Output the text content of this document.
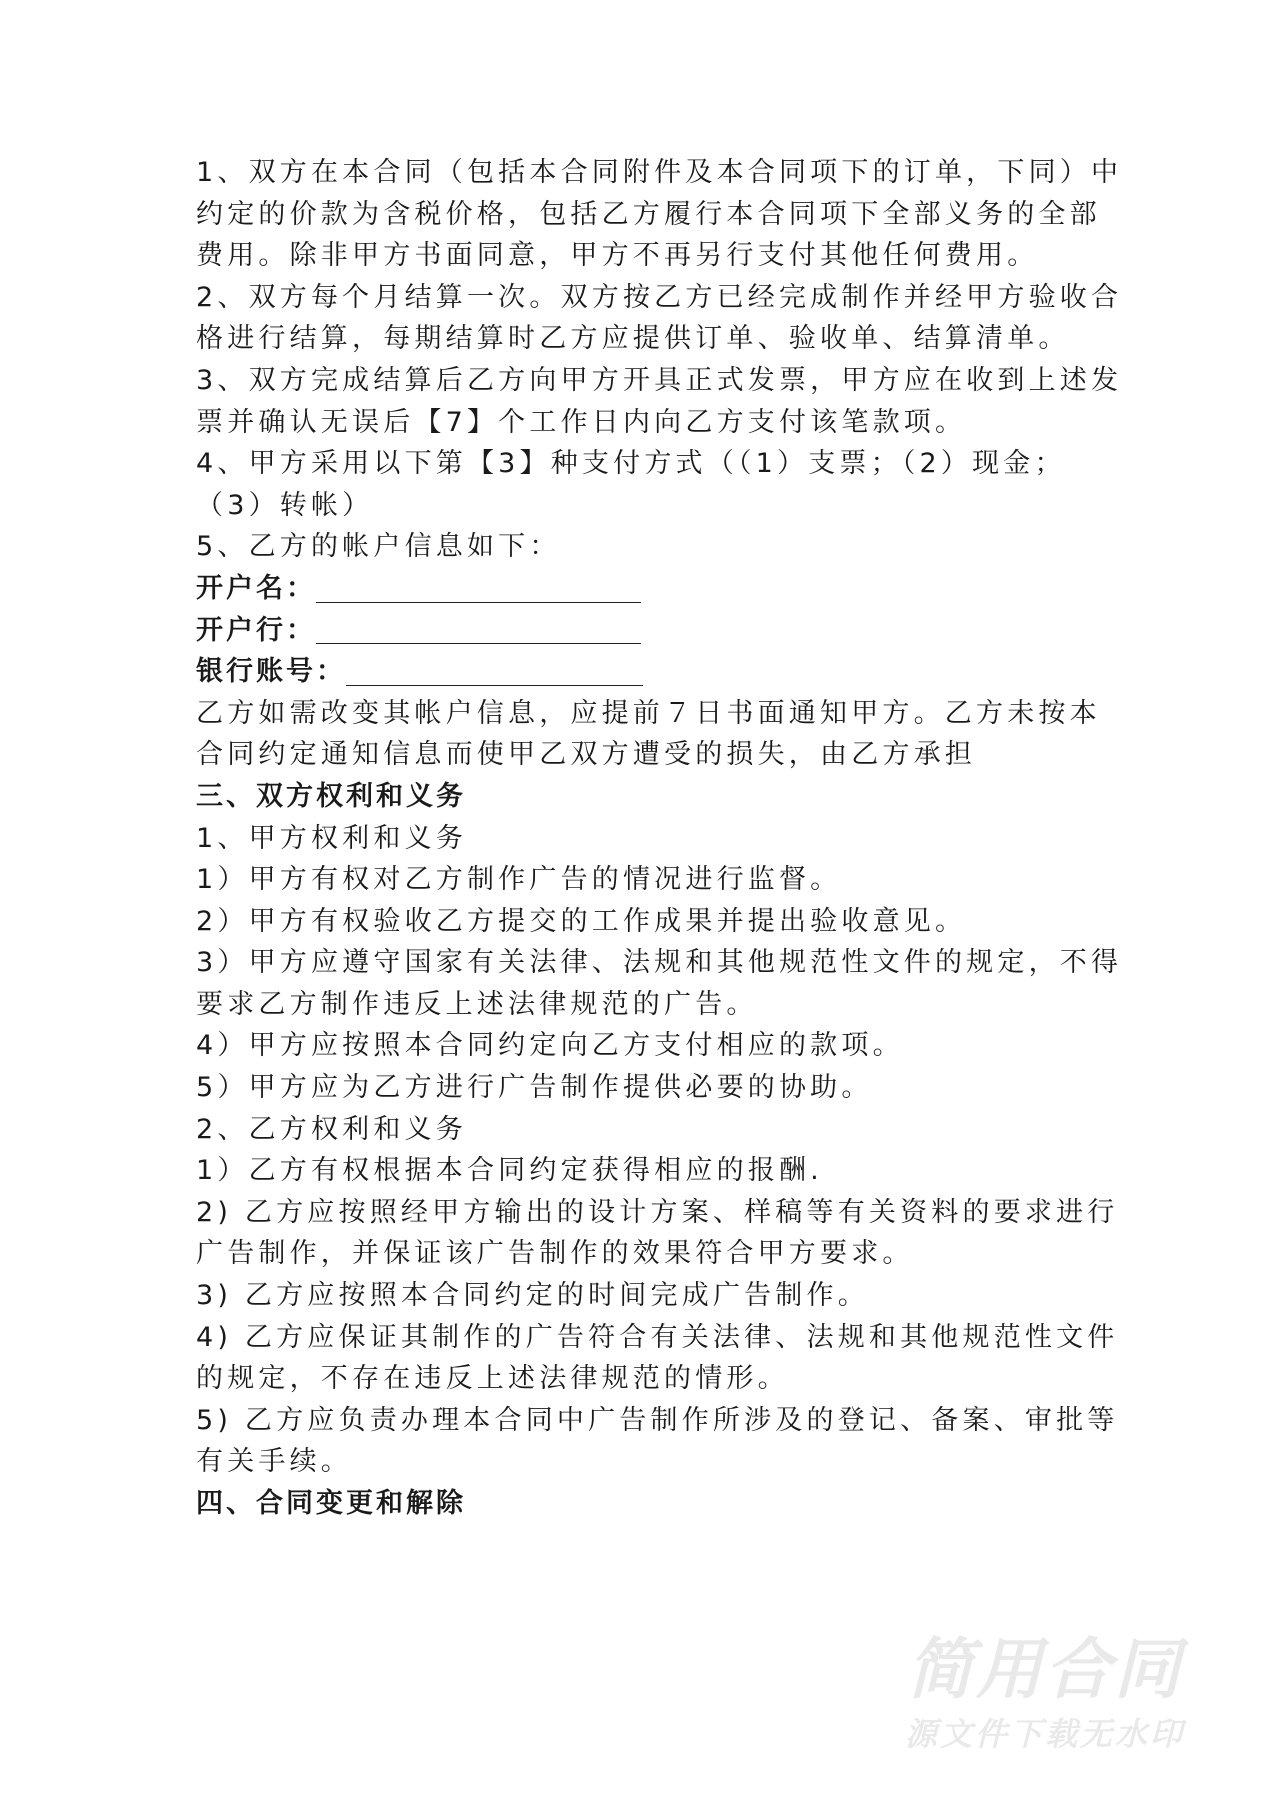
1、双方在本合同（包括本合同附件及本合同项下的订单，下同）中
约定的价款为含税价格，包括乙方履行本合同项下全部义务的全部
费用。除非甲方书面同意，甲方不再另行支付其他任何费用。
2、双方每个月结算一次。双方按乙方已经完成制作并经甲方验收合
格进行结算，每期结算时乙方应提供订单、验收单、结算清单。
3、双方完成结算后乙方向甲方开具正式发票，甲方应在收到上述发
票并确认无误后【7】个工作日内向乙方支付该笔款项。
4、甲方采用以下第【3】种支付方式（（1）支票；（2）现金；
（3）转帐）
5、乙方的帐户信息如下：
开户名：
开户行：
银行账号：
乙方如需改变其帐户信息，应提前７日书面通知甲方。乙方未按本
合同约定通知信息而使甲乙双方遭受的损失，由乙方承担
三、双方权利和义务
1、甲方权利和义务
1）甲方有权对乙方制作广告的情况进行监督。
2）甲方有权验收乙方提交的工作成果并提出验收意见。
3）甲方应遵守国家有关法律、法规和其他规范性文件的规定，不得
要求乙方制作违反上述法律规范的广告。
4）甲方应按照本合同约定向乙方支付相应的款项。
5）甲方应为乙方进行广告制作提供必要的协助。
2、乙方权利和义务
1）乙方有权根据本合同约定获得相应的报酬.
2) 乙方应按照经甲方输出的设计方案、样稿等有关资料的要求进行
广告制作，并保证该广告制作的效果符合甲方要求。
3) 乙方应按照本合同约定的时间完成广告制作。
4) 乙方应保证其制作的广告符合有关法律、法规和其他规范性文件
的规定，不存在违反上述法律规范的情形。
5) 乙方应负责办理本合同中广告制作所涉及的登记、备案、审批等
有关手续。
四、合同变更和解除
简用合同
源文件下载无水印
